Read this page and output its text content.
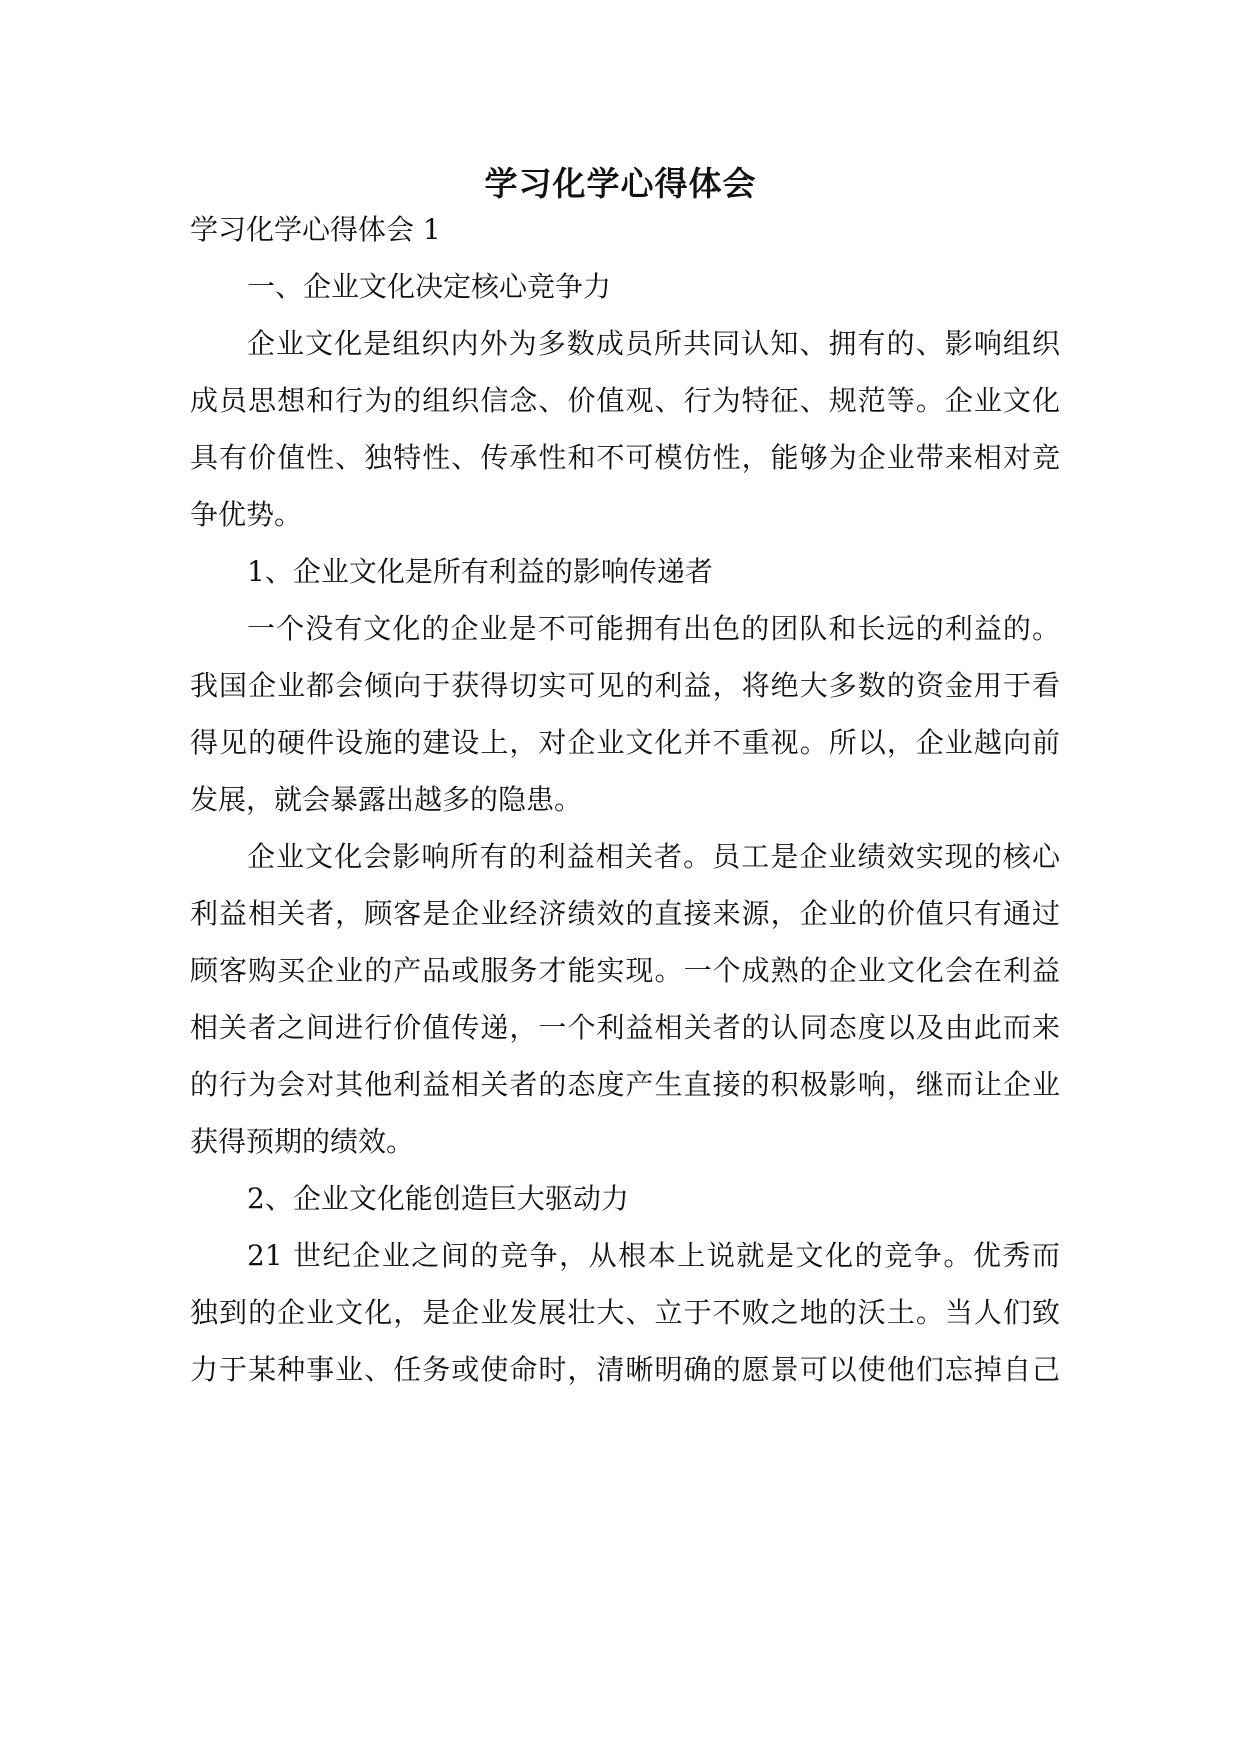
学习化学心得体会
学习化学心得体会 1
一、企业文化决定核心竞争力
企业文化是组织内外为多数成员所共同认知、拥有的、影响组织
成员思想和行为的组织信念、价值观、行为特征、规范等。企业文化
具有价值性、独特性、传承性和不可模仿性，能够为企业带来相对竞
争优势。
1、企业文化是所有利益的影响传递者
一个没有文化的企业是不可能拥有出色的团队和长远的利益的。
我国企业都会倾向于获得切实可见的利益，将绝大多数的资金用于看
得见的硬件设施的建设上，对企业文化并不重视。所以，企业越向前
发展，就会暴露出越多的隐患。
企业文化会影响所有的利益相关者。员工是企业绩效实现的核心
利益相关者，顾客是企业经济绩效的直接来源，企业的价值只有通过
顾客购买企业的产品或服务才能实现。一个成熟的企业文化会在利益
相关者之间进行价值传递，一个利益相关者的认同态度以及由此而来
的行为会对其他利益相关者的态度产生直接的积极影响，继而让企业
获得预期的绩效。
2、企业文化能创造巨大驱动力
21 世纪企业之间的竞争，从根本上说就是文化的竞争。优秀而
独到的企业文化，是企业发展壮大、立于不败之地的沃土。当人们致
力于某种事业、任务或使命时，清晰明确的愿景可以使他们忘掉自己
